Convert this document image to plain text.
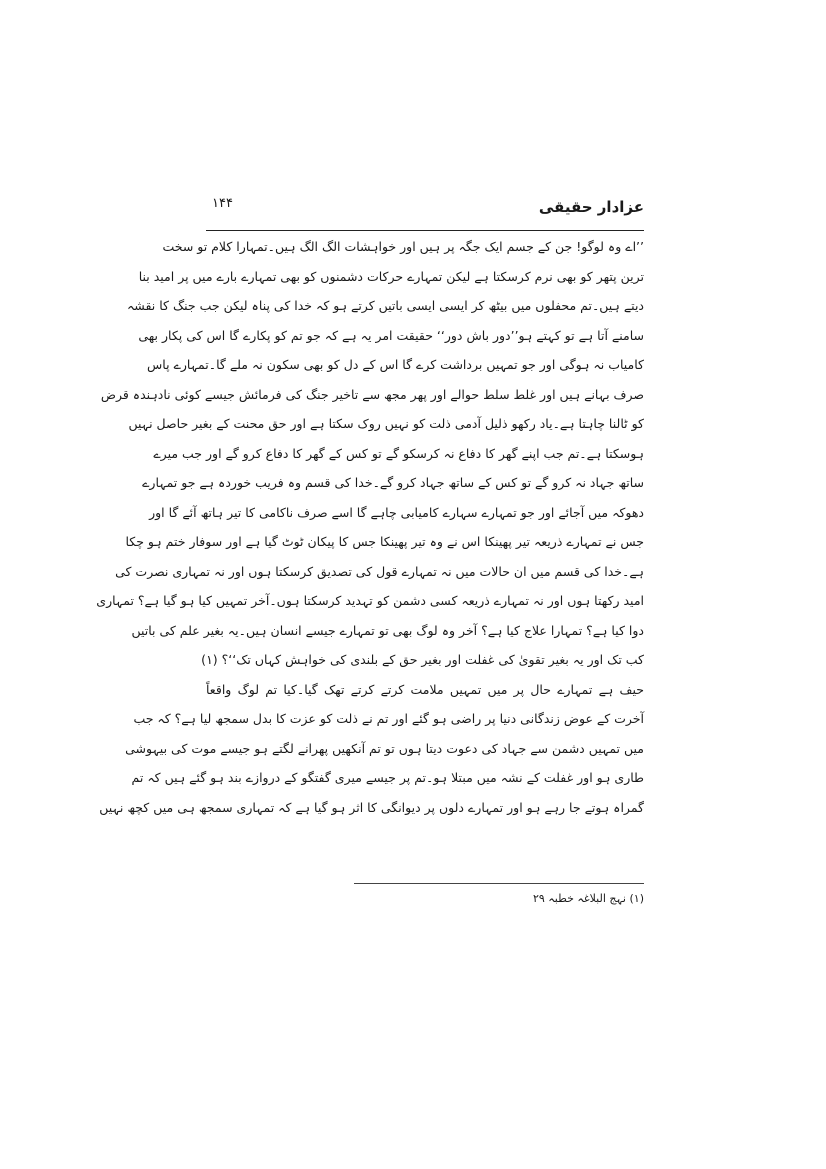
عزادار حقیقی
۱۴۴
’’اے وہ لوگو! جن کے جسم ایک جگہ پر ہیں اور خواہشات الگ الگ ہیں۔تمہارا کلام تو سخت
ترین پتھر کو بھی نرم کرسکتا ہے لیکن تمہارے حرکات دشمنوں کو بھی تمہارے بارے میں پر امید بنا
دیتے ہیں۔تم محفلوں میں بیٹھ کر ایسی ایسی باتیں کرتے ہو کہ خدا کی پناہ لیکن جب جنگ کا نقشہ
سامنے آتا ہے تو کہتے ہو’’دور باش دور‘‘ حقیقت امر یہ ہے کہ جو تم کو پکارے گا اس کی پکار بھی
کامیاب نہ ہوگی اور جو تمہیں برداشت کرے گا اس کے دل کو بھی سکون نہ ملے گا۔تمہارے پاس
صرف بہانے ہیں اور غلط سلط حوالے اور پھر مجھ سے تاخیر جنگ کی فرمائش جیسے کوئی نادہندہ قرض
کو ٹالنا چاہتا ہے۔یاد رکھو ذلیل آدمی ذلت کو نہیں روک سکتا ہے اور حق محنت کے بغیر حاصل نہیں
ہوسکتا ہے۔تم جب اپنے گھر کا دفاع نہ کرسکو گے تو کس کے گھر کا دفاع کرو گے اور جب میرے
ساتھ جہاد نہ کرو گے تو کس کے ساتھ جہاد کرو گے۔خدا کی قسم وہ فریب خوردہ ہے جو تمہارے
دھوکہ میں آجائے اور جو تمہارے سہارے کامیابی چاہے گا اسے صرف ناکامی کا تیر ہاتھ آئے گا اور
جس نے تمہارے ذریعہ تیر پھینکا اس نے وہ تیر پھینکا جس کا پیکان ٹوٹ گیا ہے اور سوفار ختم ہو چکا
ہے۔خدا کی قسم میں ان حالات میں نہ تمہارے قول کی تصدیق کرسکتا ہوں اور نہ تمہاری نصرت کی
امید رکھتا ہوں اور نہ تمہارے ذریعہ کسی دشمن کو تہدید کرسکتا ہوں۔آخر تمہیں کیا ہو گیا ہے؟ تمہاری
دوا کیا ہے؟ تمہارا علاج کیا ہے؟ آخر وہ لوگ بھی تو تمہارے جیسے انسان ہیں۔یہ بغیر علم کی باتیں
کب تک اور یہ بغیر تقویٰ کی غفلت اور بغیر حق کے بلندی کی خواہش کہاں تک‘‘؟ (۱)
حیف ہے تمہارے حال پر میں تمہیں ملامت کرتے کرتے تھک گیا۔کیا تم لوگ واقعاً
آخرت کے عوض زندگانی دنیا پر راضی ہو گئے اور تم نے ذلت کو عزت کا بدل سمجھ لیا ہے؟ کہ جب
میں تمہیں دشمن سے جہاد کی دعوت دیتا ہوں تو تم آنکھیں پھرانے لگتے ہو جیسے موت کی بیہوشی
طاری ہو اور غفلت کے نشہ میں مبتلا ہو۔تم پر جیسے میری گفتگو کے دروازے بند ہو گئے ہیں کہ تم
گمراہ ہوتے جا رہے ہو اور تمہارے دلوں پر دیوانگی کا اثر ہو گیا ہے کہ تمہاری سمجھ ہی میں کچھ نہیں
(۱) نہج البلاغہ خطبہ ۲۹
